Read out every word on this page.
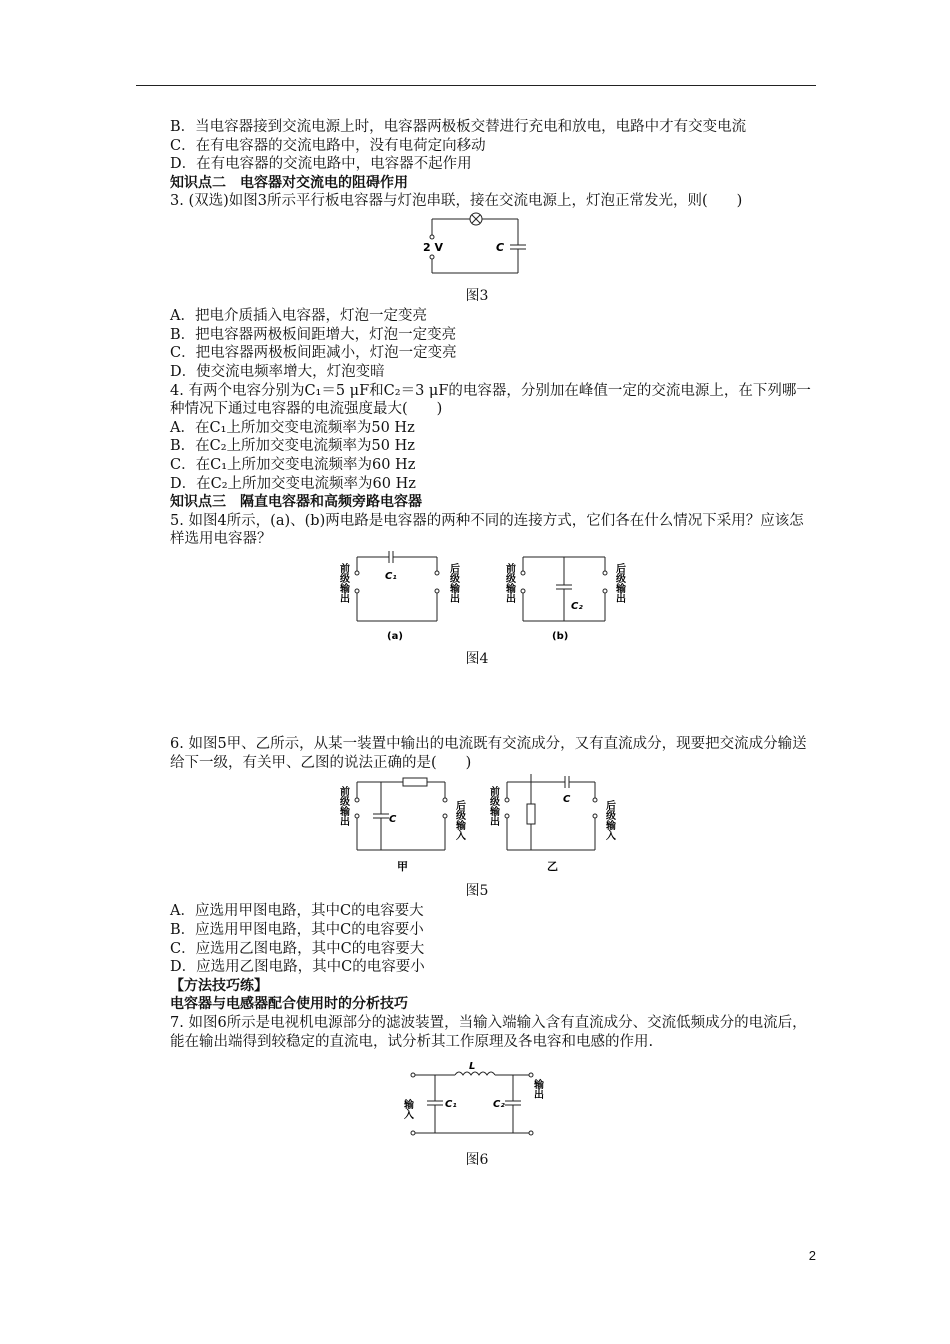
B．当电容器接到交流电源上时，电容器两极板交替进行充电和放电，电路中才有交变电流

C．在有电容器的交流电路中，没有电荷定向移动

D．在有电容器的交流电路中，电容器不起作用

知识点二　电容器对交流电的阻碍作用

3. (双选)如图3所示平行板电容器与灯泡串联，接在交流电源上，灯泡正常发光，则(　　)

2 V	C
图3

A．把电介质插入电容器，灯泡一定变亮

B．把电容器两极板间距增大，灯泡一定变亮

C．把电容器两极板间距减小，灯泡一定变亮

D．使交流电频率增大，灯泡变暗

4. 有两个电容分别为C₁＝5 μF和C₂＝3 μF的电容器，分别加在峰值一定的交流电源上，在下列哪一种情况下通过电容器的电流强度最大(　　)

A．在C₁上所加交变电流频率为50 Hz

B．在C₂上所加交变电流频率为50 Hz

C．在C₁上所加交变电流频率为60 Hz

D．在C₂上所加交变电流频率为60 Hz

知识点三　隔直电容器和高频旁路电容器

5. 如图4所示，(a)、(b)两电路是电容器的两种不同的连接方式，它们各在什么情况下采用？应该怎样选用电容器？

前级输出	后级输出
C₁	前级输出	后级输出
C₂
(a)	(b)
图4

6. 如图5甲、乙所示，从某一装置中输出的电流既有交流成分，又有直流成分，现要把交流成分输送给下一级，有关甲、乙图的说法正确的是(　　)

前级输出	后级输入
C	前级输出	后级输入
C
甲	乙
图5

A．应选用甲图电路，其中C的电容要大

B．应选用甲图电路，其中C的电容要小

C．应选用乙图电路，其中C的电容要大

D．应选用乙图电路，其中C的电容要小

【方法技巧练】

电容器与电感器配合使用时的分析技巧

7. 如图6所示是电视机电源部分的滤波装置，当输入端输入含有直流成分、交流低频成分的电流后，能在输出端得到较稳定的直流电，试分析其工作原理及各电容和电感的作用.

L
C₁	C₂
输入
输出
图6
2
